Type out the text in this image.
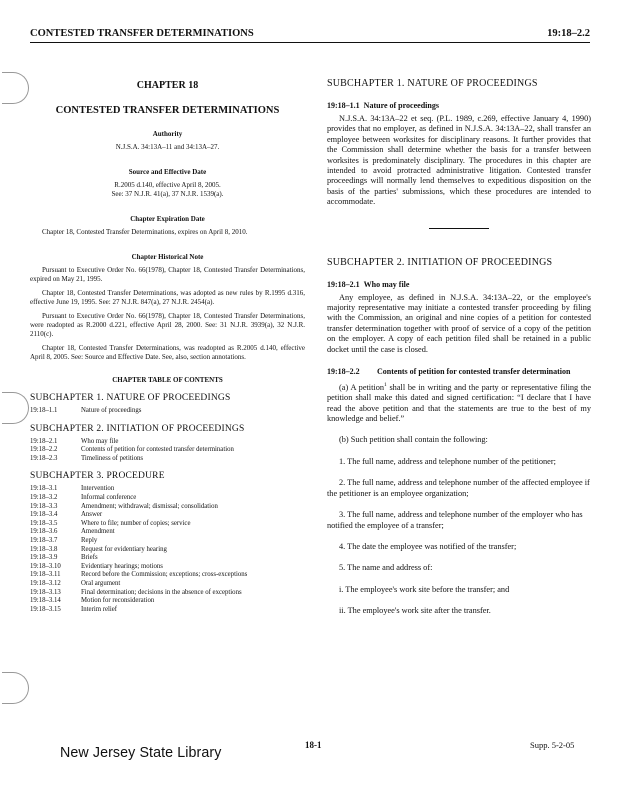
CONTESTED TRANSFER DETERMINATIONS	19:18–2.2
CHAPTER 18
CONTESTED TRANSFER DETERMINATIONS
Authority
N.J.S.A. 34:13A–11 and 34:13A–27.
Source and Effective Date
R.2005 d.140, effective April 8, 2005.
See: 37 N.J.R. 41(a), 37 N.J.R. 1539(a).
Chapter Expiration Date
Chapter 18, Contested Transfer Determinations, expires on April 8, 2010.
Chapter Historical Note
Pursuant to Executive Order No. 66(1978), Chapter 18, Contested Transfer Determinations, expired on May 21, 1995.
Chapter 18, Contested Transfer Determinations, was adopted as new rules by R.1995 d.316, effective June 19, 1995. See: 27 N.J.R. 847(a), 27 N.J.R. 2454(a).
Pursuant to Executive Order No. 66(1978), Chapter 18, Contested Transfer Determinations, were readopted as R.2000 d.221, effective April 28, 2000. See: 31 N.J.R. 3939(a), 32 N.J.R. 2110(c).
Chapter 18, Contested Transfer Determinations, was readopted as R.2005 d.140, effective April 8, 2005. See: Source and Effective Date. See, also, section annotations.
CHAPTER TABLE OF CONTENTS
SUBCHAPTER 1. NATURE OF PROCEEDINGS
19:18–1.1	Nature of proceedings
SUBCHAPTER 2. INITIATION OF PROCEEDINGS
19:18–2.1	Who may file
19:18–2.2	Contents of petition for contested transfer determination
19:18–2.3	Timeliness of petitions
SUBCHAPTER 3. PROCEDURE
19:18–3.1	Intervention
19:18–3.2	Informal conference
19:18–3.3	Amendment; withdrawal; dismissal; consolidation
19:18–3.4	Answer
19:18–3.5	Where to file; number of copies; service
19:18–3.6	Amendment
19:18–3.7	Reply
19:18–3.8	Request for evidentiary hearing
19:18–3.9	Briefs
19:18–3.10	Evidentiary hearings; motions
19:18–3.11	Record before the Commission; exceptions; cross-exceptions
19:18–3.12	Oral argument
19:18–3.13	Final determination; decisions in the absence of exceptions
19:18–3.14	Motion for reconsideration
19:18–3.15	Interim relief
SUBCHAPTER 1. NATURE OF PROCEEDINGS
19:18–1.1 Nature of proceedings
N.J.S.A. 34:13A–22 et seq. (P.L. 1989, c.269, effective January 4, 1990) provides that no employer, as defined in N.J.S.A. 34:13A–22, shall transfer an employee between worksites for disciplinary reasons. It further provides that the Commission shall determine whether the basis for a transfer between worksites is predominately disciplinary. The procedures in this chapter are intended to avoid protracted administrative litigation. Contested transfer proceedings will normally lend themselves to expeditious disposition on the basis of the parties' submissions, which these procedures are intended to accommodate.
SUBCHAPTER 2. INITIATION OF PROCEEDINGS
19:18–2.1 Who may file
Any employee, as defined in N.J.S.A. 34:13A–22, or the employee's majority representative may initiate a contested transfer proceeding by filing with the Commission, an original and nine copies of a petition for contested transfer determination together with proof of service of a copy of the petition on the employer. A copy of each petition filed shall be retained in a public docket until the case is closed.
19:18–2.2	Contents of petition for contested transfer determination
(a) A petition$^1$ shall be in writing and the party or representative filing the petition shall make this dated and signed certification: “I declare that I have read the above petition and that the statements are true to the best of my knowledge and belief.”
(b) Such petition shall contain the following:
1. The full name, address and telephone number of the petitioner;
2. The full name, address and telephone number of the affected employee if the petitioner is an employee organization;
3. The full name, address and telephone number of the employer who has notified the employee of a transfer;
4. The date the employee was notified of the transfer;
5. The name and address of:
i. The employee's work site before the transfer; and
ii. The employee's work site after the transfer.
New Jersey State Library	18-1	Supp. 5-2-05
